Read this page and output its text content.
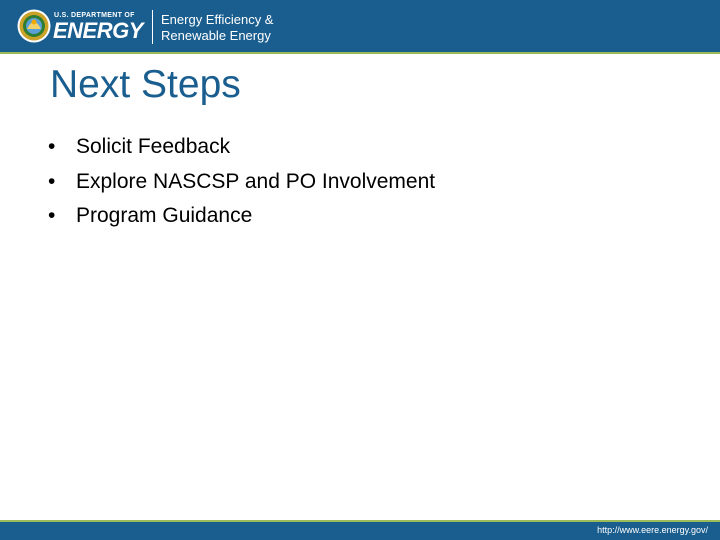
U.S. DEPARTMENT OF
ENERGY Energy Efficiency &
Renewable Energy
Next Steps
• Solicit Feedback
• Explore NASCSP and PO Involvement
• Program Guidance
http://www.eere.energy.gov/
